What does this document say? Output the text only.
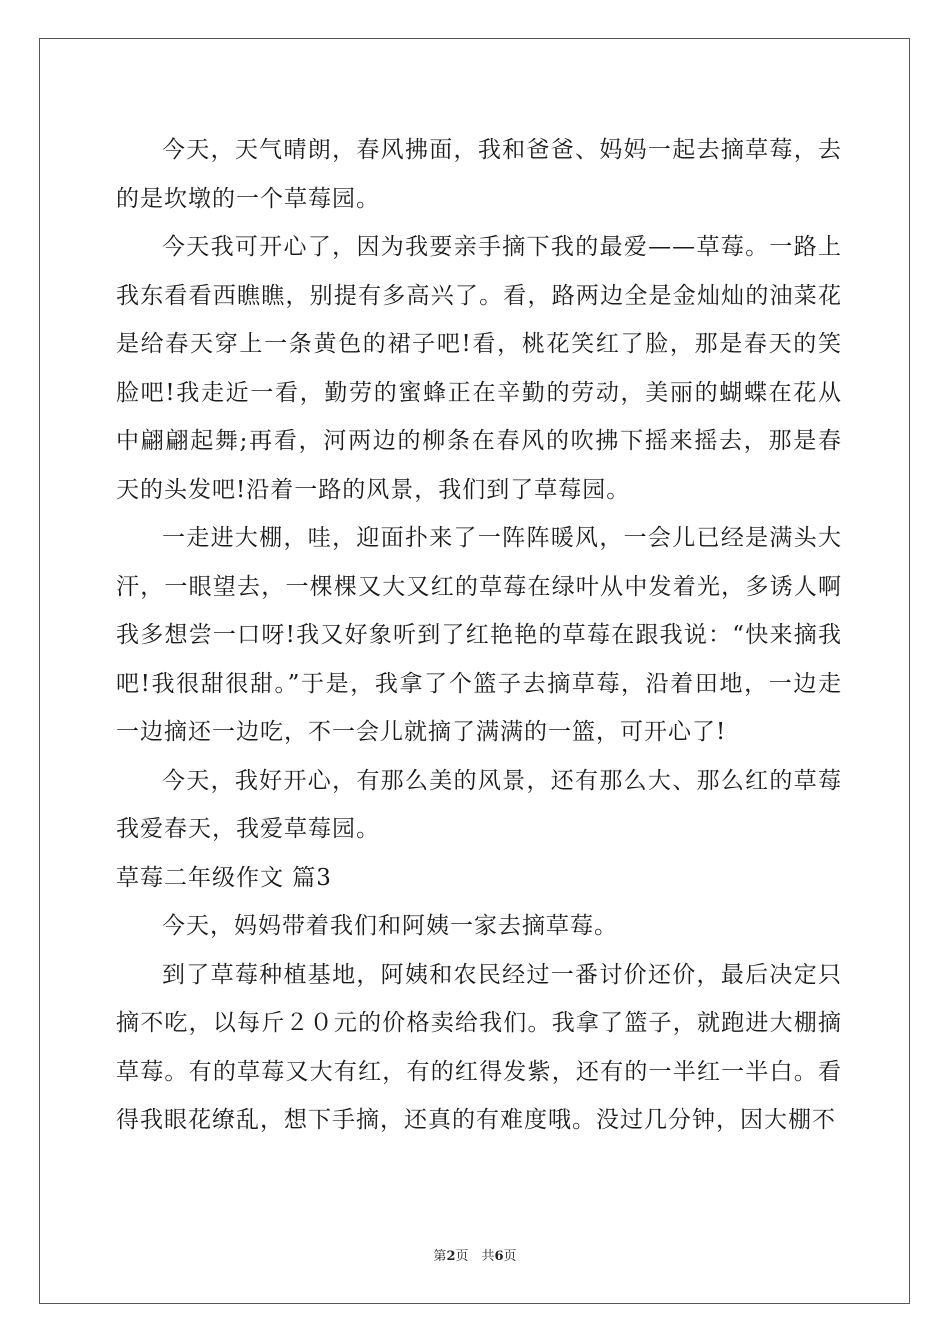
今天，天气晴朗，春风拂面，我和爸爸、妈妈一起去摘草莓，去的是坎墩的一个草莓园。

今天我可开心了，因为我要亲手摘下我的最爱——草莓。一路上我东看看西瞧瞧，别提有多高兴了。看，路两边全是金灿灿的油菜花是给春天穿上一条黄色的裙子吧!看，桃花笑红了脸，那是春天的笑脸吧!我走近一看，勤劳的蜜蜂正在辛勤的劳动，美丽的蝴蝶在花从中翩翩起舞;再看，河两边的柳条在春风的吹拂下摇来摇去，那是春天的头发吧!沿着一路的风景，我们到了草莓园。

一走进大棚，哇，迎面扑来了一阵阵暖风，一会儿已经是满头大汗，一眼望去，一棵棵又大又红的草莓在绿叶从中发着光，多诱人啊我多想尝一口呀!我又好象听到了红艳艳的草莓在跟我说：“快来摘我吧!我很甜很甜。”于是，我拿了个篮子去摘草莓，沿着田地，一边走一边摘还一边吃，不一会儿就摘了满满的一篮，可开心了!

今天，我好开心，有那么美的风景，还有那么大、那么红的草莓我爱春天，我爱草莓园。

草莓二年级作文 篇3

今天，妈妈带着我们和阿姨一家去摘草莓。

到了草莓种植基地，阿姨和农民经过一番讨价还价，最后决定只摘不吃，以每斤２０元的价格卖给我们。我拿了篮子，就跑进大棚摘草莓。有的草莓又大有红，有的红得发紫，还有的一半红一半白。看得我眼花缭乱，想下手摘，还真的有难度哦。没过几分钟，因大棚不

第2页　共6页
